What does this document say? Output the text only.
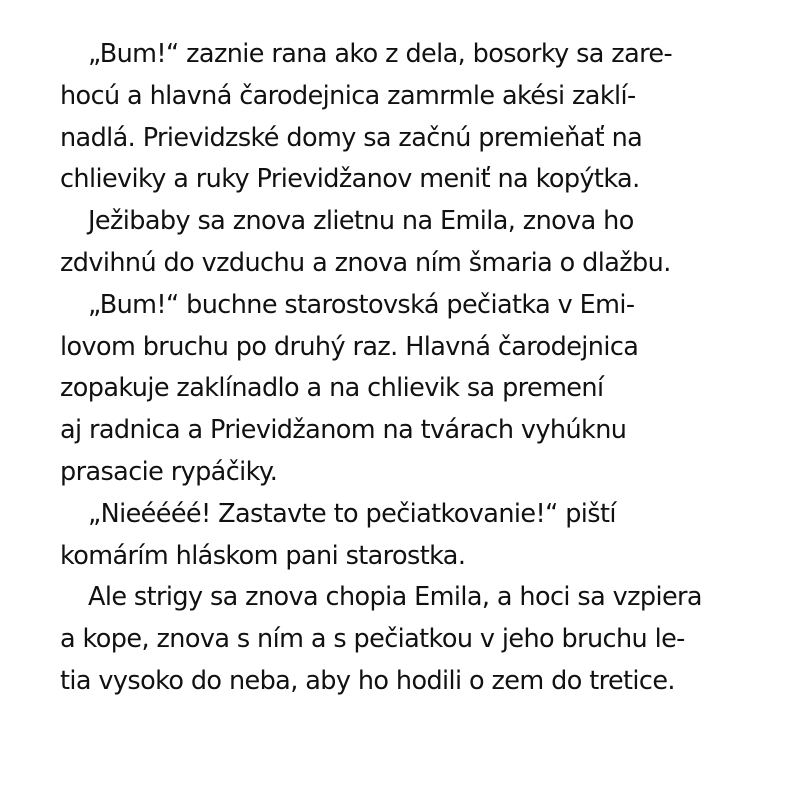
„Bum!“ zaznie rana ako z dela, bosorky sa zare-
hocú a hlavná čarodejnica zamrmle akési zaklí-
nadlá. Prievidzské domy sa začnú premieňať na
chlieviky a ruky Prievidžanov meniť na kopýtka.
Ježibaby sa znova zlietnu na Emila, znova ho
zdvihnú do vzduchu a znova ním šmaria o dlažbu.
„Bum!“ buchne starostovská pečiatka v Emi-
lovom bruchu po druhý raz. Hlavná čarodejnica
zopakuje zaklínadlo a na chlievik sa premení
aj radnica a Prievidžanom na tvárach vyhúknu
prasacie rypáčiky.
„Nieéééé! Zastavte to pečiatkovanie!“ piští
komárím hláskom pani starostka.
Ale strigy sa znova chopia Emila, a hoci sa vzpiera
a kope, znova s ním a s pečiatkou v jeho bruchu le-
tia vysoko do neba, aby ho hodili o zem do tretice.
